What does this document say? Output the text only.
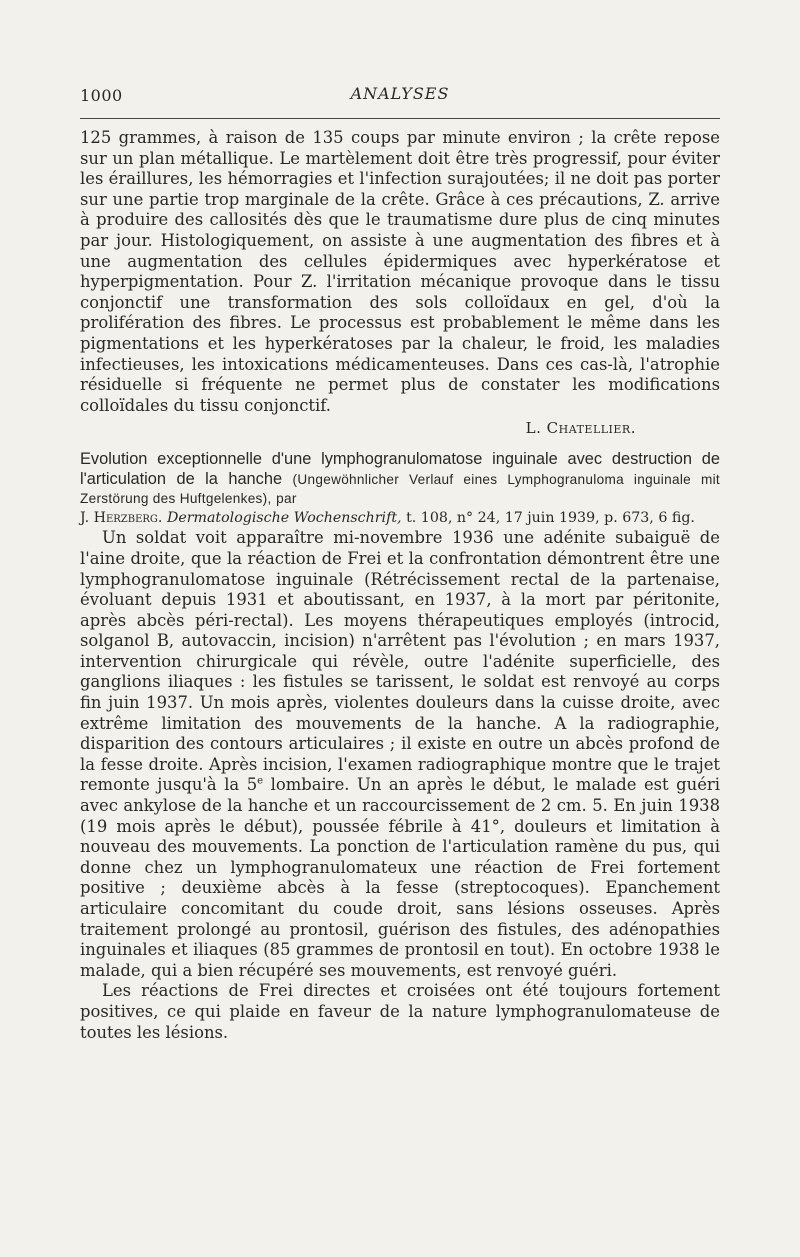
1000	ANALYSES

125 grammes, à raison de 135 coups par minute environ ; la crête repose sur un plan métallique. Le martèlement doit être très progressif, pour éviter les éraillures, les hémorragies et l'infection surajoutées; il ne doit pas porter sur une partie trop marginale de la crête. Grâce à ces précautions, Z. arrive à produire des callosités dès que le traumatisme dure plus de cinq minutes par jour. Histologiquement, on assiste à une augmentation des fibres et à une augmentation des cellules épidermiques avec hyperkératose et hyperpigmentation. Pour Z. l'irritation mécanique provoque dans le tissu conjonctif une transformation des sols colloïdaux en gel, d'où la prolifération des fibres. Le processus est probablement le même dans les pigmentations et les hyperkératoses par la chaleur, le froid, les maladies infectieuses, les intoxications médicamenteuses. Dans ces cas-là, l'atrophie résiduelle si fréquente ne permet plus de constater les modifications colloïdales du tissu conjonctif.

L. Chatellier.

Evolution exceptionnelle d'une lymphogranulomatose inguinale avec destruction de l'articulation de la hanche (Ungewöhnlicher Verlauf eines Lymphogranuloma inguinale mit Zerstörung des Huftgelenkes), par

J. Herzberg. Dermatologische Wochenschrift, t. 108, n° 24, 17 juin 1939, p. 673, 6 fig.

Un soldat voit apparaître mi-novembre 1936 une adénite subaiguë de l'aine droite, que la réaction de Frei et la confrontation démontrent être une lymphogranulomatose inguinale (Rétrécissement rectal de la partenaise, évoluant depuis 1931 et aboutissant, en 1937, à la mort par péritonite, après abcès péri-rectal). Les moyens thérapeutiques employés (introcid, solganol B, autovaccin, incision) n'arrêtent pas l'évolution ; en mars 1937, intervention chirurgicale qui révèle, outre l'adénite superficielle, des ganglions iliaques : les fistules se tarissent, le soldat est renvoyé au corps fin juin 1937. Un mois après, violentes douleurs dans la cuisse droite, avec extrême limitation des mouvements de la hanche. A la radiographie, disparition des contours articulaires ; il existe en outre un abcès profond de la fesse droite. Après incision, l'examen radiographique montre que le trajet remonte jusqu'à la 5e lombaire. Un an après le début, le malade est guéri avec ankylose de la hanche et un raccourcissement de 2 cm. 5. En juin 1938 (19 mois après le début), poussée fébrile à 41°, douleurs et limitation à nouveau des mouvements. La ponction de l'articulation ramène du pus, qui donne chez un lymphogranulomateux une réaction de Frei fortement positive ; deuxième abcès à la fesse (streptocoques). Epanchement articulaire concomitant du coude droit, sans lésions osseuses. Après traitement prolongé au prontosil, guérison des fistules, des adénopathies inguinales et iliaques (85 grammes de prontosil en tout). En octobre 1938 le malade, qui a bien récupéré ses mouvements, est renvoyé guéri.

Les réactions de Frei directes et croisées ont été toujours fortement positives, ce qui plaide en faveur de la nature lymphogranulomateuse de toutes les lésions.
